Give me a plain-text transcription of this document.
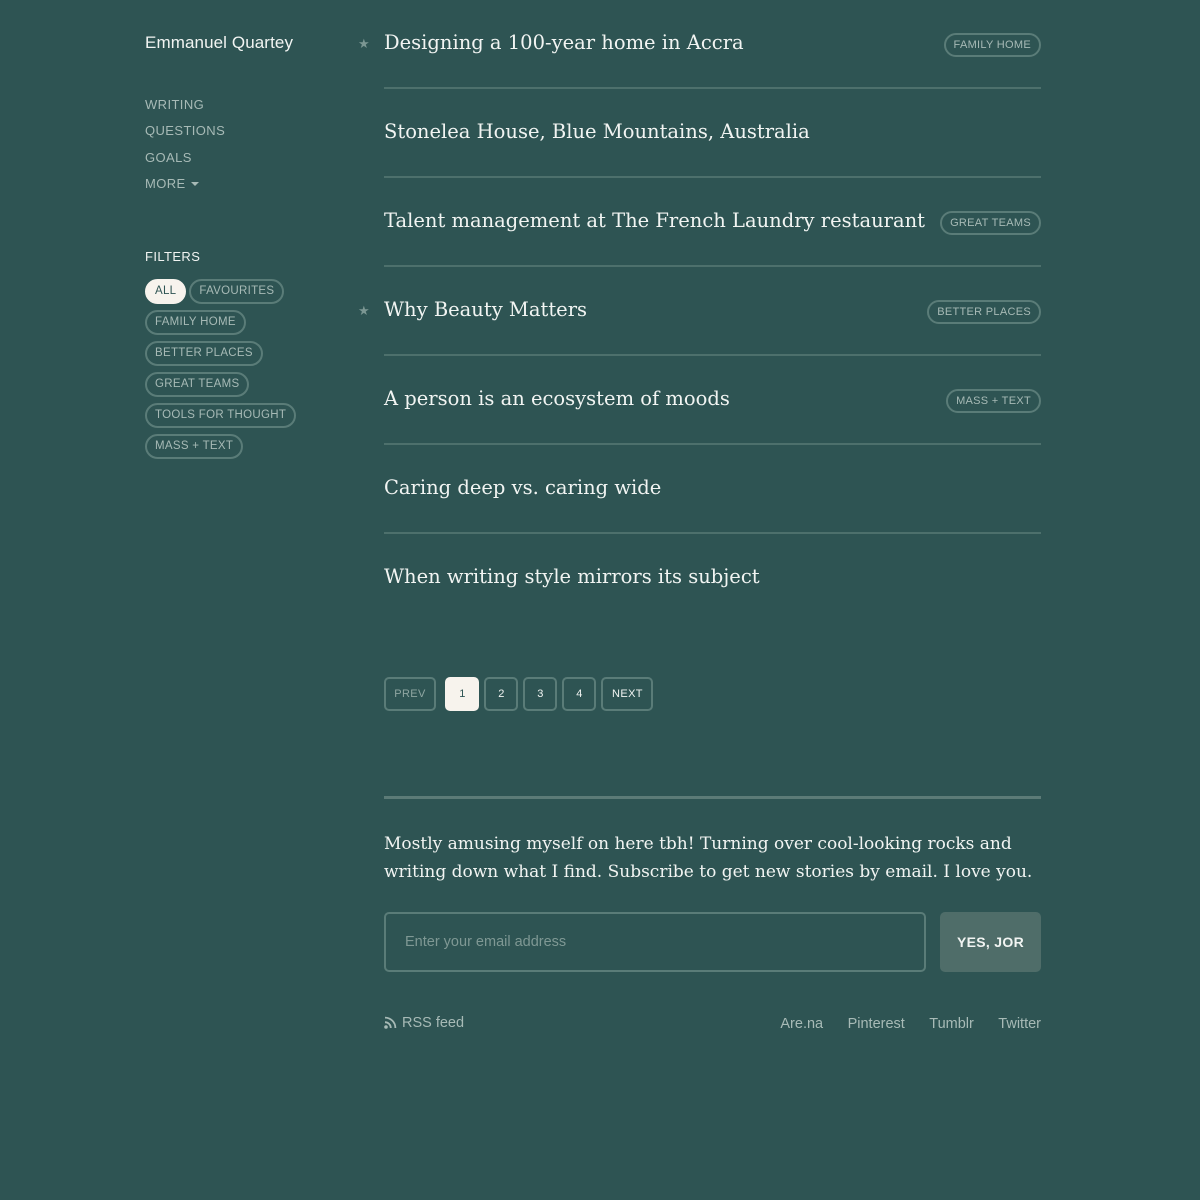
Emmanuel Quartey
WRITING
QUESTIONS
GOALS
MORE
FILTERS
ALL FAVOURITES
FAMILY HOME
BETTER PLACES
GREAT TEAMS
TOOLS FOR THOUGHT
MASS + TEXT
★ Designing a 100-year home in Accra	FAMILY HOME
Stonelea House, Blue Mountains, Australia
Talent management at The French Laundry restaurant	GREAT TEAMS
★ Why Beauty Matters	BETTER PLACES
A person is an ecosystem of moods	MASS + TEXT
Caring deep vs. caring wide
When writing style mirrors its subject
PREV	1	2	3	4	NEXT

Mostly amusing myself on here tbh! Turning over cool-looking rocks and writing down what I find. Subscribe to get new stories by email. I love you.

Enter your email address
YES, JOR
RSS feed	Are.na Pinterest Tumblr Twitter
